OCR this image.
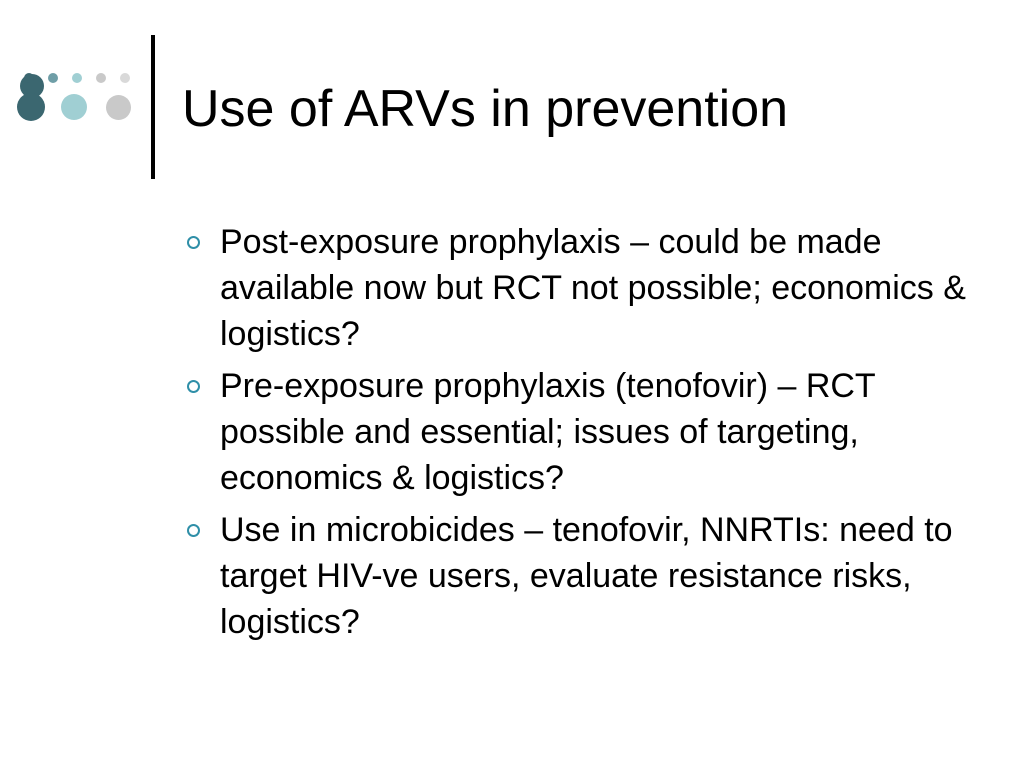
Use of ARVs in prevention
Post-exposure prophylaxis – could be made available now but RCT not possible; economics & logistics?
Pre-exposure prophylaxis (tenofovir) – RCT possible and essential; issues of targeting, economics & logistics?
Use in microbicides – tenofovir, NNRTIs: need to target HIV-ve users, evaluate resistance risks, logistics?
